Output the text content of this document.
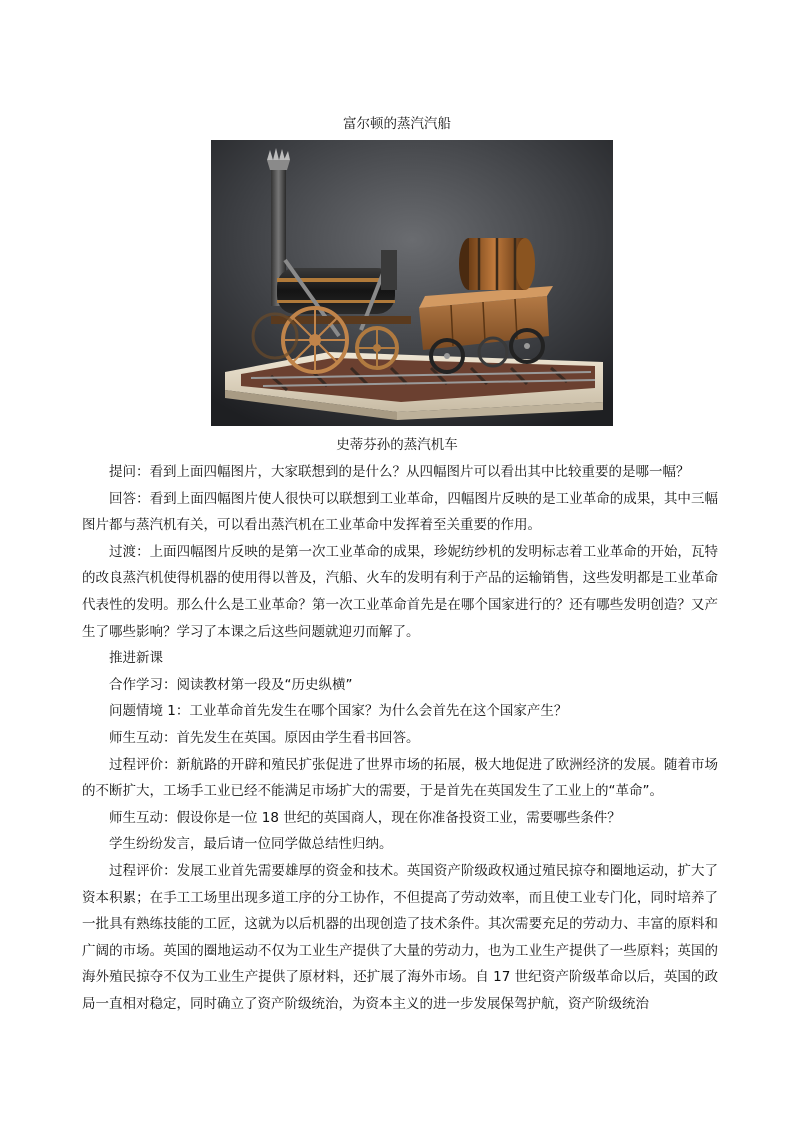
富尔顿的蒸汽汽船

史蒂芬孙的蒸汽机车

提问：看到上面四幅图片，大家联想到的是什么？从四幅图片可以看出其中比较重要的是哪一幅？

回答：看到上面四幅图片使人很快可以联想到工业革命，四幅图片反映的是工业革命的成果，其中三幅图片都与蒸汽机有关，可以看出蒸汽机在工业革命中发挥着至关重要的作用。

过渡：上面四幅图片反映的是第一次工业革命的成果，珍妮纺纱机的发明标志着工业革命的开始，瓦特的改良蒸汽机使得机器的使用得以普及，汽船、火车的发明有利于产品的运输销售，这些发明都是工业革命代表性的发明。那么什么是工业革命？第一次工业革命首先是在哪个国家进行的？还有哪些发明创造？又产生了哪些影响？学习了本课之后这些问题就迎刃而解了。

推进新课

合作学习：阅读教材第一段及“历史纵横”

问题情境 1：工业革命首先发生在哪个国家？为什么会首先在这个国家产生？

师生互动：首先发生在英国。原因由学生看书回答。

过程评价：新航路的开辟和殖民扩张促进了世界市场的拓展，极大地促进了欧洲经济的发展。随着市场的不断扩大，工场手工业已经不能满足市场扩大的需要，于是首先在英国发生了工业上的“革命”。

师生互动：假设你是一位 18 世纪的英国商人，现在你准备投资工业，需要哪些条件？

学生纷纷发言，最后请一位同学做总结性归纳。

过程评价：发展工业首先需要雄厚的资金和技术。英国资产阶级政权通过殖民掠夺和圈地运动，扩大了资本积累；在手工工场里出现多道工序的分工协作，不但提高了劳动效率，而且使工业专门化，同时培养了一批具有熟练技能的工匠，这就为以后机器的出现创造了技术条件。其次需要充足的劳动力、丰富的原料和广阔的市场。英国的圈地运动不仅为工业生产提供了大量的劳动力，也为工业生产提供了一些原料；英国的海外殖民掠夺不仅为工业生产提供了原材料，还扩展了海外市场。自 17 世纪资产阶级革命以后，英国的政局一直相对稳定，同时确立了资产阶级统治，为资本主义的进一步发展保驾护航，资产阶级统治
